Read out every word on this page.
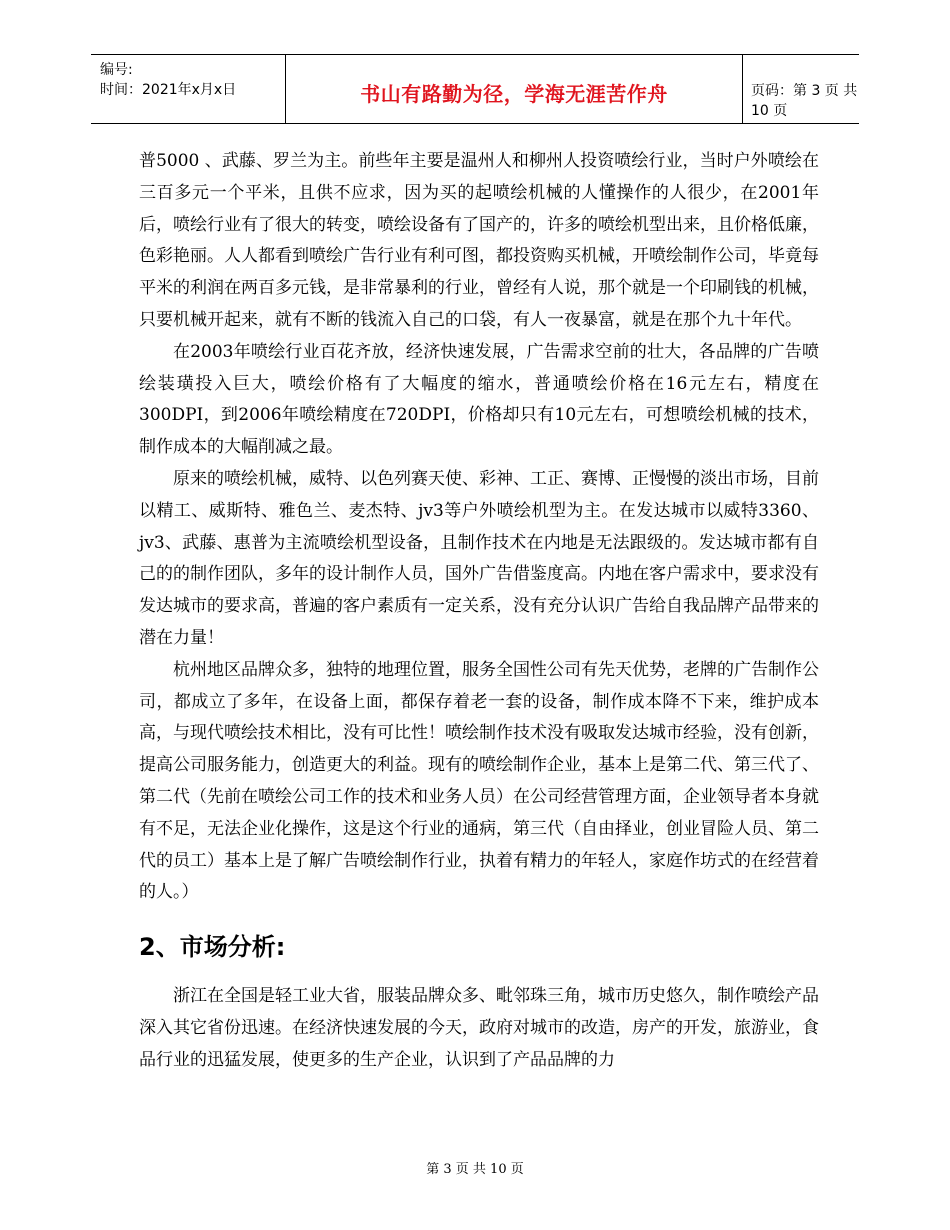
编号:
时间：2021年x月x日	书山有路勤为径，学海无涯苦作舟	页码：第 3 页 共 10 页

普5000 、武藤、罗兰为主。前些年主要是温州人和柳州人投资喷绘行业，当时户外喷绘在三百多元一个平米，且供不应求，因为买的起喷绘机械的人懂操作的人很少，在2001年后，喷绘行业有了很大的转变，喷绘设备有了国产的，许多的喷绘机型出来，且价格低廉，色彩艳丽。人人都看到喷绘广告行业有利可图，都投资购买机械，开喷绘制作公司，毕竟每平米的利润在两百多元钱，是非常暴利的行业，曾经有人说，那个就是一个印刷钱的机械，只要机械开起来，就有不断的钱流入自己的口袋，有人一夜暴富，就是在那个九十年代。

在2003年喷绘行业百花齐放，经济快速发展，广告需求空前的壮大，各品牌的广告喷绘装璜投入巨大，喷绘价格有了大幅度的缩水，普通喷绘价格在16元左右，精度在300DPI，到2006年喷绘精度在720DPI，价格却只有10元左右，可想喷绘机械的技术，制作成本的大幅削减之最。

原来的喷绘机械，威特、以色列赛天使、彩神、工正、赛博、正慢慢的淡出市场，目前以精工、威斯特、雅色兰、麦杰特、jv3等户外喷绘机型为主。在发达城市以威特3360、jv3、武藤、惠普为主流喷绘机型设备，且制作技术在内地是无法跟级的。发达城市都有自己的的制作团队，多年的设计制作人员，国外广告借鉴度高。内地在客户需求中，要求没有发达城市的要求高，普遍的客户素质有一定关系，没有充分认识广告给自我品牌产品带来的潜在力量！

杭州地区品牌众多，独特的地理位置，服务全国性公司有先天优势，老牌的广告制作公司，都成立了多年，在设备上面，都保存着老一套的设备，制作成本降不下来，维护成本高，与现代喷绘技术相比，没有可比性！喷绘制作技术没有吸取发达城市经验，没有创新，提高公司服务能力，创造更大的利益。现有的喷绘制作企业，基本上是第二代、第三代了、第二代（先前在喷绘公司工作的技术和业务人员）在公司经营管理方面，企业领导者本身就有不足，无法企业化操作，这是这个行业的通病，第三代（自由择业，创业冒险人员、第二代的员工）基本上是了解广告喷绘制作行业，执着有精力的年轻人，家庭作坊式的在经营着的人。）

2、市场分析:

浙江在全国是轻工业大省，服装品牌众多、毗邻珠三角，城市历史悠久，制作喷绘产品深入其它省份迅速。在经济快速发展的今天，政府对城市的改造，房产的开发，旅游业，食品行业的迅猛发展，使更多的生产企业，认识到了产品品牌的力

第 3 页 共 10 页
